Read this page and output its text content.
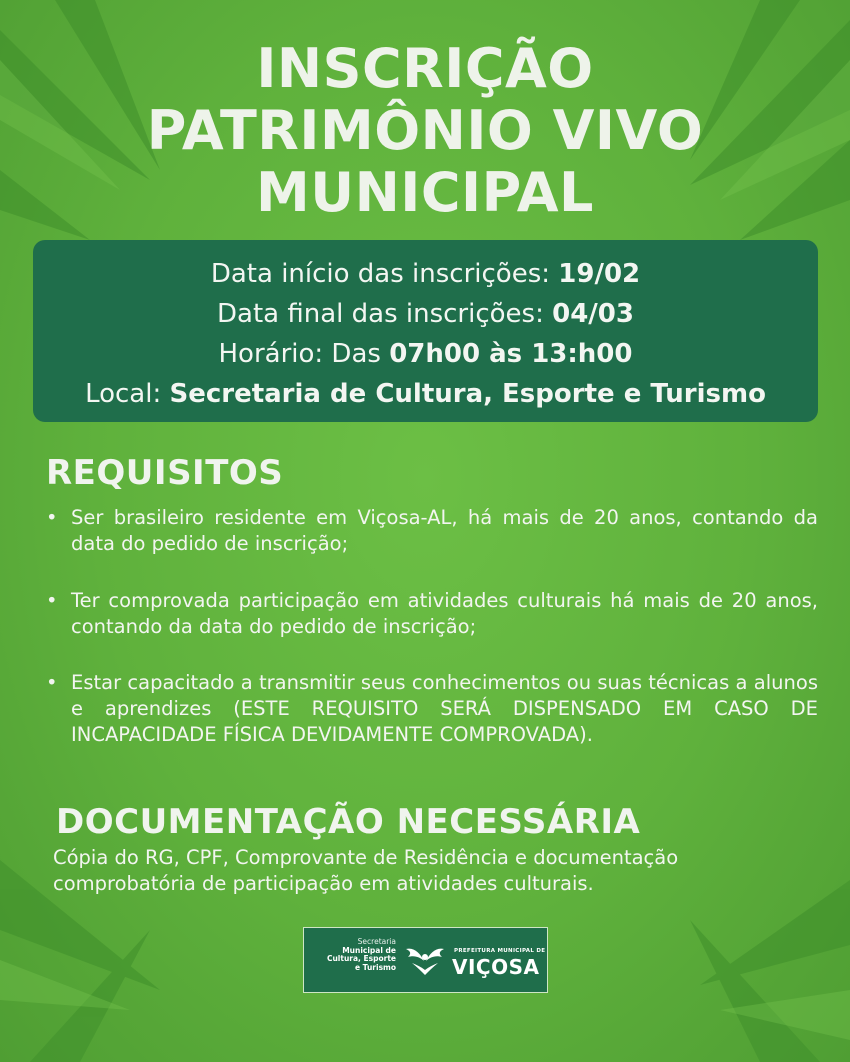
INSCRIÇÃO
PATRIMÔNIO VIVO
MUNICIPAL
Data início das inscrições: 19/02
Data final das inscrições: 04/03
Horário: Das 07h00 às 13:h00
Local: Secretaria de Cultura, Esporte e Turismo
REQUISITOS
• Ser brasileiro residente em Viçosa-AL, há mais de 20 anos, contando da data do pedido de inscrição;
• Ter comprovada participação em atividades culturais há mais de 20 anos, contando da data do pedido de inscrição;
• Estar capacitado a transmitir seus conhecimentos ou suas técnicas a alunos e aprendizes (ESTE REQUISITO SERÁ DISPENSADO EM CASO DE INCAPACIDADE FÍSICA DEVIDAMENTE COMPROVADA).
DOCUMENTAÇÃO NECESSÁRIA
Cópia do RG, CPF, Comprovante de Residência e documentação comprobatória de participação em atividades culturais.
Secretaria
Municipal de
Cultura, Esporte
e Turismo
PREFEITURA MUNICIPAL DE
VIÇOSA
